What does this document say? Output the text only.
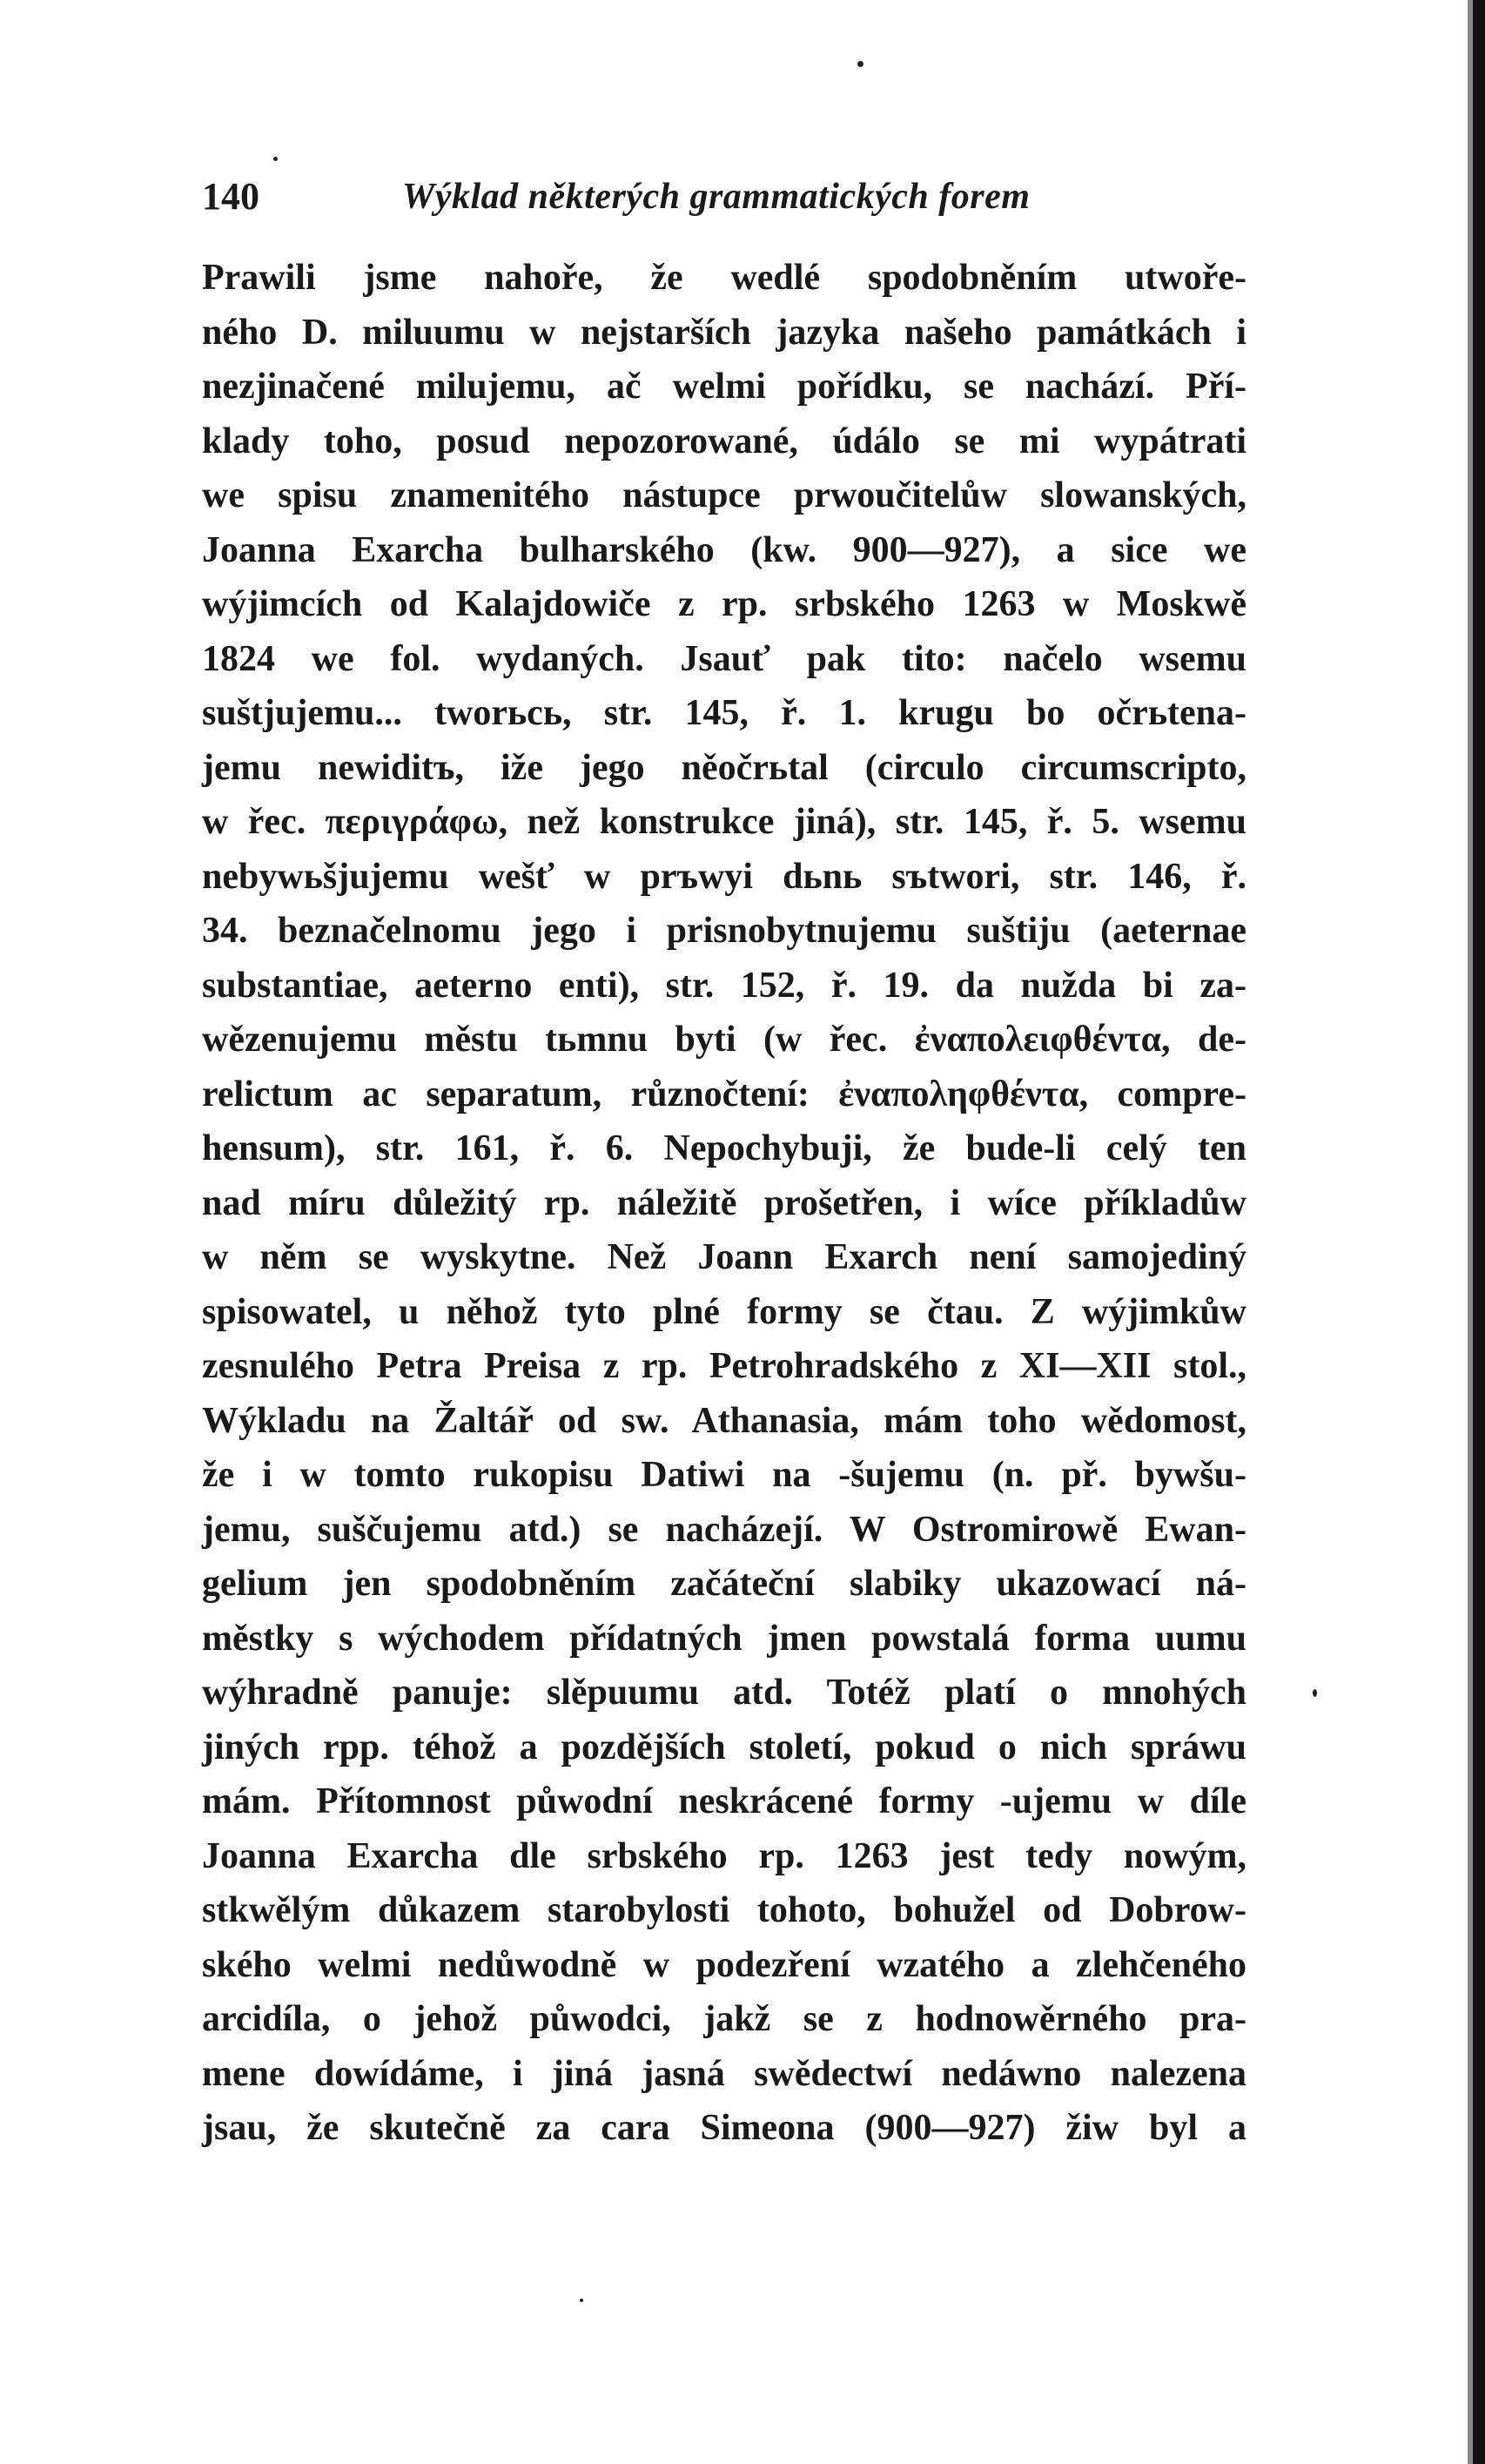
140	Wýklad některých grammatických forem
Prawili jsme nahoře, že wedlé spodobněním utwoře-
ného D. miluumu w nejstarších jazyka našeho památkách i
nezjinačené milujemu, ač welmi pořídku, se nachází. Pří-
klady toho, posud nepozorowané, údálo se mi wypátrati
we spisu znamenitého nástupce prwoučitelůw slowanských,
Joanna Exarcha bulharského (kw. 900—927), a sice we
wýjimcích od Kalajdowiče z rp. srbského 1263 w Moskwě
1824 we fol. wydaných. Jsauť pak tito: načelo wsemu
suštjujemu... tworьcь, str. 145, ř. 1. krugu bo očrьtena-
jemu newiditъ, iže jego něočrьtal (circulo circumscripto,
w řec. περιγράφω, než konstrukce jiná), str. 145, ř. 5. wsemu
nebywьšjujemu wešť w prъwyi dьnь sъtwori, str. 146, ř.
34. beznačelnomu jego i prisnobytnujemu suštiju (aeternae
substantiae, aeterno enti), str. 152, ř. 19. da nužda bi za-
wězenujemu městu tьmnu byti (w řec. ἐναπολειφθέντα, de-
relictum ac separatum, různočtení: ἐναποληφθέντα, compre-
hensum), str. 161, ř. 6. Nepochybuji, že bude-li celý ten
nad míru důležitý rp. náležitě prošetřen, i wíce příkladůw
w něm se wyskytne. Než Joann Exarch není samojediný
spisowatel, u něhož tyto plné formy se čtau. Z wýjimkůw
zesnulého Petra Preisa z rp. Petrohradského z XI—XII stol.,
Wýkladu na Žaltář od sw. Athanasia, mám toho wědomost,
že i w tomto rukopisu Datiwi na -šujemu (n. př. bywšu-
jemu, suščujemu atd.) se nacházejí. W Ostromirowě Ewan-
gelium jen spodobněním začáteční slabiky ukazowací ná-
městky s wýchodem přídatných jmen powstalá forma uumu
wýhradně panuje: slěpuumu atd. Totéž platí o mnohých
jiných rpp. téhož a pozdějších století, pokud o nich spráwu
mám. Přítomnost půwodní neskrácené formy -ujemu w díle
Joanna Exarcha dle srbského rp. 1263 jest tedy nowým,
stkwělým důkazem starobylosti tohoto, bohužel od Dobrow-
ského welmi nedůwodně w podezření wzatého a zlehčeného
arcidíla, o jehož půwodci, jakž se z hodnowěrného pra-
mene dowídáme, i jiná jasná swědectwí nedáwno nalezena
jsau, že skutečně za cara Simeona (900—927) žiw byl a
